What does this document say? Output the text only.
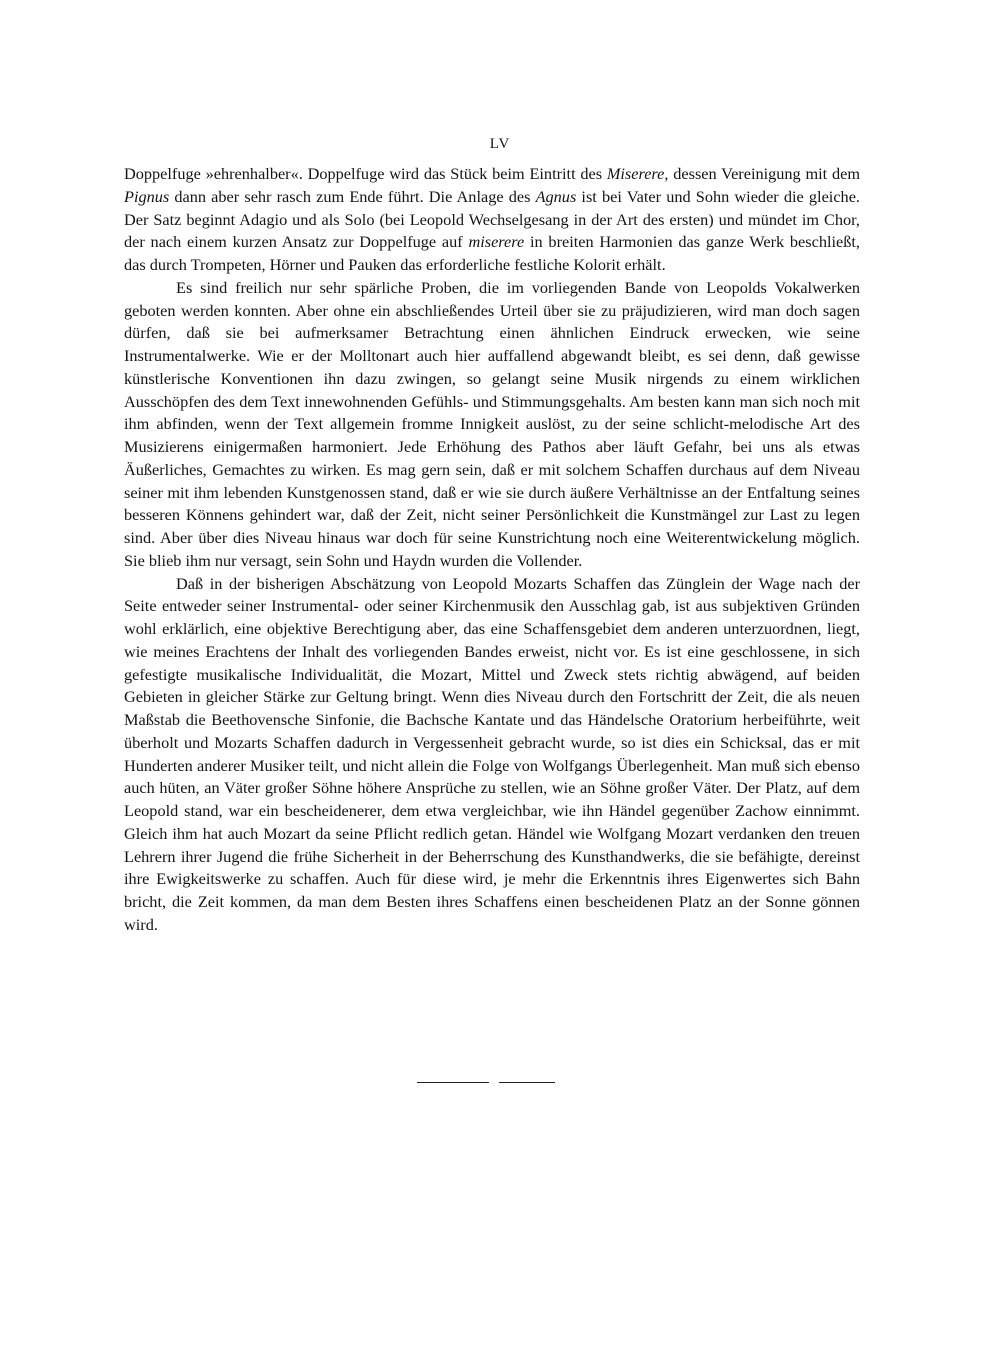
LV

Doppelfuge »ehrenhalber«. Doppelfuge wird das Stück beim Eintritt des Miserere, dessen Vereinigung mit dem Pignus dann aber sehr rasch zum Ende führt. Die Anlage des Agnus ist bei Vater und Sohn wieder die gleiche. Der Satz beginnt Adagio und als Solo (bei Leopold Wechselgesang in der Art des ersten) und mündet im Chor, der nach einem kurzen Ansatz zur Doppelfuge auf miserere in breiten Harmonien das ganze Werk beschließt, das durch Trompeten, Hörner und Pauken das erforderliche festliche Kolorit erhält.

Es sind freilich nur sehr spärliche Proben, die im vorliegenden Bande von Leopolds Vokalwerken geboten werden konnten. Aber ohne ein abschließendes Urteil über sie zu präjudizieren, wird man doch sagen dürfen, daß sie bei aufmerksamer Betrachtung einen ähnlichen Eindruck erwecken, wie seine Instrumentalwerke. Wie er der Molltonart auch hier auffallend abgewandt bleibt, es sei denn, daß gewisse künstlerische Konventionen ihn dazu zwingen, so gelangt seine Musik nirgends zu einem wirklichen Ausschöpfen des dem Text innewohnenden Gefühls- und Stimmungsgehalts. Am besten kann man sich noch mit ihm abfinden, wenn der Text allgemein fromme Innigkeit auslöst, zu der seine schlicht-melodische Art des Musizierens einigermaßen harmoniert. Jede Erhöhung des Pathos aber läuft Gefahr, bei uns als etwas Äußerliches, Gemachtes zu wirken. Es mag gern sein, daß er mit solchem Schaffen durchaus auf dem Niveau seiner mit ihm lebenden Kunstgenossen stand, daß er wie sie durch äußere Verhältnisse an der Entfaltung seines besseren Könnens gehindert war, daß der Zeit, nicht seiner Persönlichkeit die Kunstmängel zur Last zu legen sind. Aber über dies Niveau hinaus war doch für seine Kunstrichtung noch eine Weiterentwickelung möglich. Sie blieb ihm nur versagt, sein Sohn und Haydn wurden die Vollender.

Daß in der bisherigen Abschätzung von Leopold Mozarts Schaffen das Zünglein der Wage nach der Seite entweder seiner Instrumental- oder seiner Kirchenmusik den Ausschlag gab, ist aus subjektiven Gründen wohl erklärlich, eine objektive Berechtigung aber, das eine Schaffensgebiet dem anderen unterzuordnen, liegt, wie meines Erachtens der Inhalt des vorliegenden Bandes erweist, nicht vor. Es ist eine geschlossene, in sich gefestigte musikalische Individualität, die Mozart, Mittel und Zweck stets richtig abwägend, auf beiden Gebieten in gleicher Stärke zur Geltung bringt. Wenn dies Niveau durch den Fortschritt der Zeit, die als neuen Maßstab die Beethovensche Sinfonie, die Bachsche Kantate und das Händelsche Oratorium herbeiführte, weit überholt und Mozarts Schaffen dadurch in Vergessenheit gebracht wurde, so ist dies ein Schicksal, das er mit Hunderten anderer Musiker teilt, und nicht allein die Folge von Wolfgangs Überlegenheit. Man muß sich ebenso auch hüten, an Väter großer Söhne höhere Ansprüche zu stellen, wie an Söhne großer Väter. Der Platz, auf dem Leopold stand, war ein bescheidenerer, dem etwa vergleichbar, wie ihn Händel gegenüber Zachow einnimmt. Gleich ihm hat auch Mozart da seine Pflicht redlich getan. Händel wie Wolfgang Mozart verdanken den treuen Lehrern ihrer Jugend die frühe Sicherheit in der Beherrschung des Kunsthandwerks, die sie befähigte, dereinst ihre Ewigkeitswerke zu schaffen. Auch für diese wird, je mehr die Erkenntnis ihres Eigenwertes sich Bahn bricht, die Zeit kommen, da man dem Besten ihres Schaffens einen bescheidenen Platz an der Sonne gönnen wird.
